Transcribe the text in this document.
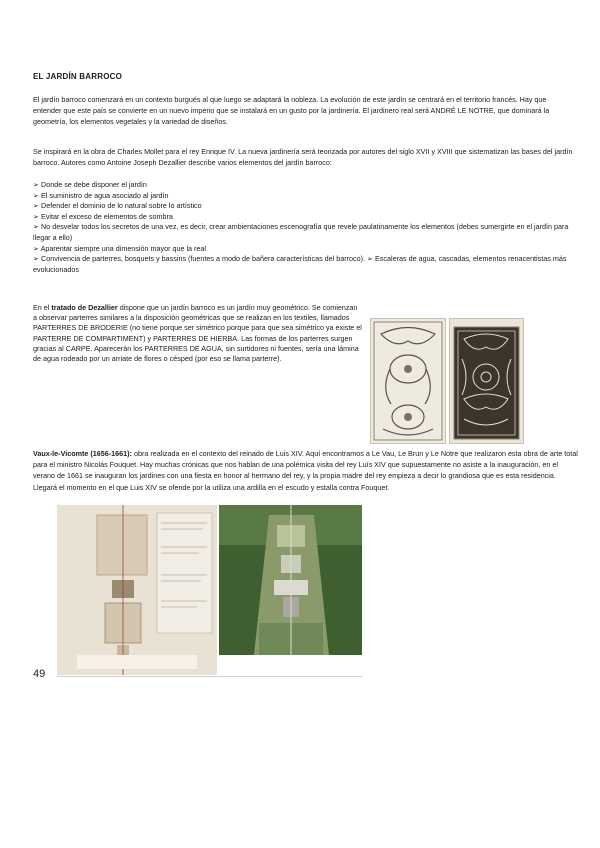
EL JARDÍN BARROCO

El jardín barroco comenzará en un contexto burgués al que luego se adaptará la nobleza. La evolución de este jardín se centrará en el territorio francés. Hay que entender que este país se convierte en un nuevo imperio que se instalará en un gusto por la jardinería. El jardinero real será ANDRÉ LE NOTRE, que dominará la geometría, los elementos vegetales y la variedad de diseños.

Se inspirará en la obra de Charles Mollet para el rey Enrique IV. La nueva jardinería será teorizada por autores del siglo XVII y XVIII que sistematizan las bases del jardín barroco. Autores como Antoine Joseph Dezallier describe varios elementos del jardín barroco:

➢ Donde se debe disponer el jardín
➢ El suministro de agua asociado al jardín
➢ Defender el dominio de lo natural sobre lo artístico
➢ Evitar el exceso de elementos de sombra
➢ No desvelar todos los secretos de una vez, es decir, crear ambientaciones escenografía que revele paulatinamente los elementos (debes sumergirte en el jardín para llegar a ello)
➢ Aparentar siempre una dimensión mayor que la real
➢ Convivencia de parterres, bosquets y bassins (fuentes a modo de bañera características del barroco). ➢ Escaleras de agua, cascadas, elementos renacentistas más evolucionados

En el tratado de Dezallier dispone que un jardín barroco es un jardín muy geométrico. Se comienzan a observar parterres similares a la disposición geométricas que se realizan en los textiles, llamados PARTERRES DE BRODERIE (no tiene porque ser simétrico porque para que sea simétrico ya existe el PARTERRE DE COMPARTIMENT) y PARTERRES DE HIERBA. Las formas de los parterres surgen gracias al CARPE. Aparecerán los PARTERRES DE AGUA, sin surtidores ni fuentes, sería una lámina de agua rodeado por un arriate de flores o césped (por eso se llama parterre).

Vaux-le-Vicomte (1656-1661): obra realizada en el contexto del reinado de Luis XIV. Aquí encontramos a Le Vau, Le Brun y Le Notre que realizaron esta obra de arte total para el ministro Nicolás Fouquet. Hay muchas crónicas que nos hablan de una polémica visita del rey Luís XIV que supuestamente no asiste a la inauguración, en el verano de 1661 se inauguran los jardines con una fiesta en honor al hermano del rey, y la propia madre del rey empieza a decir lo grandiosa que es esta residencia. Llegará el momento en el que Luis XIV se ofende por la utiliza una ardilla en el escudo y estalla contra Fouquet.

49
